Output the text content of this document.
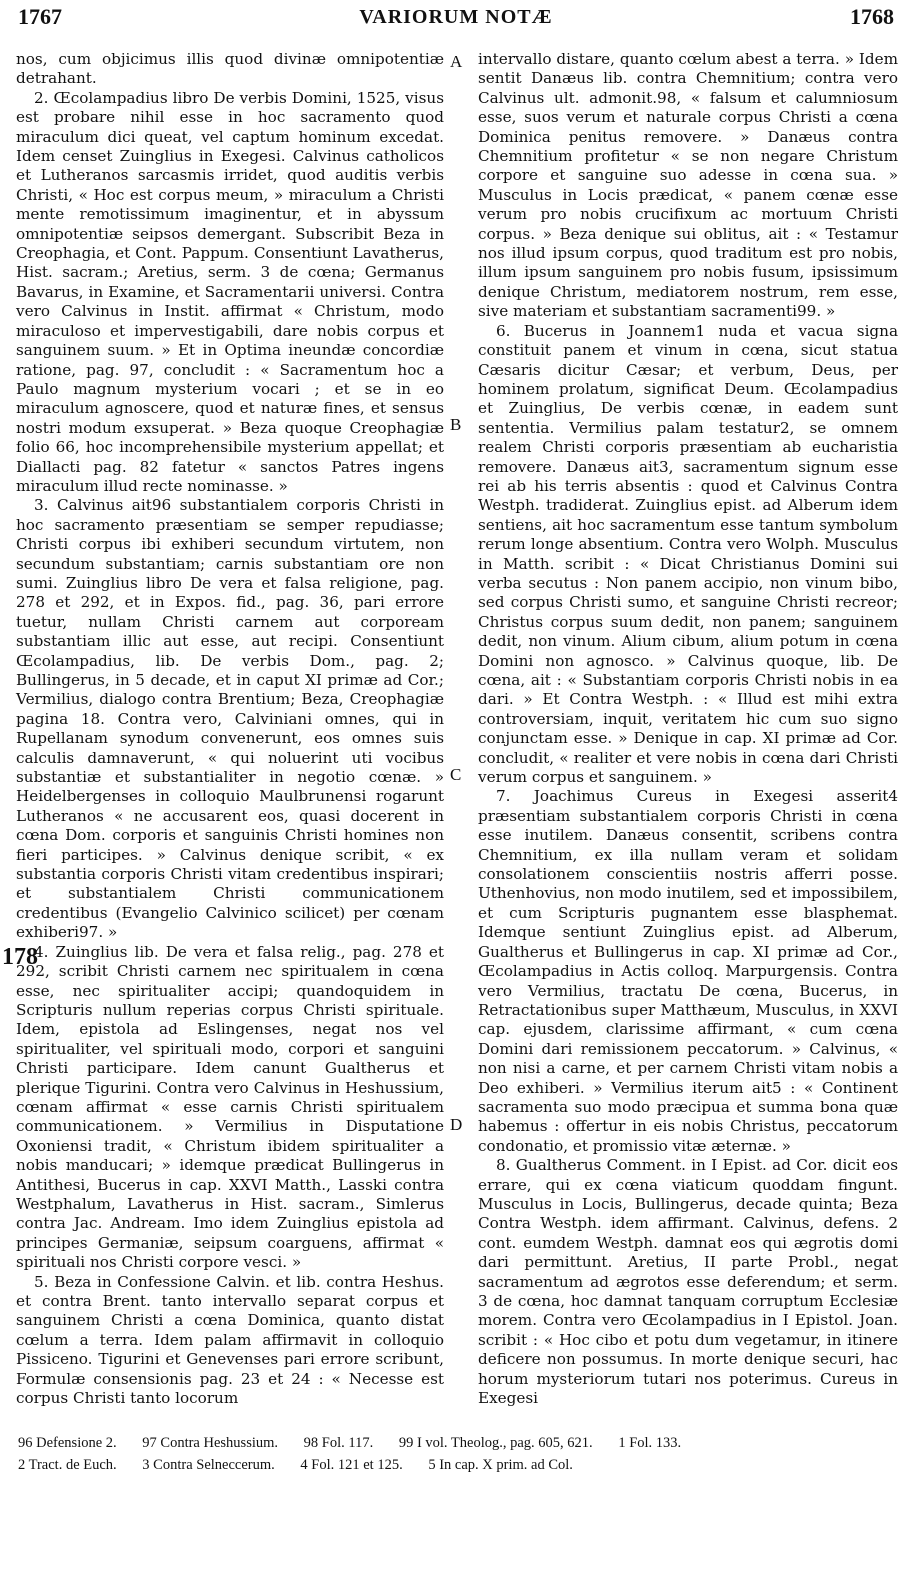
1767	VARIORUM NOTÆ	1768

nos, cum objicimus illis quod divinæ omnipotentiæ detrahant.

2. Œcolampadius libro De verbis Domini, 1525, visus est probare nihil esse in hoc sacramento quod miraculum dici queat, vel captum hominum excedat. Idem censet Zuinglius in Exegesi. Calvinus catholicos et Lutheranos sarcasmis irridet, quod auditis verbis Christi, « Hoc est corpus meum, » miraculum a Christi mente remotissimum imaginentur, et in abyssum omnipotentiæ seipsos demergant. Subscribit Beza in Creophagia, et Cont. Pappum. Consentiunt Lavatherus, Hist. sacram.; Aretius, serm. 3 de cœna; Germanus Bavarus, in Examine, et Sacramentarii universi. Contra vero Calvinus in Instit. affirmat « Christum, modo miraculoso et impervestigabili, dare nobis corpus et sanguinem suum. » Et in Optima ineundæ concordiæ ratione, pag. 97, concludit : « Sacramentum hoc a Paulo magnum mysterium vocari ; et se in eo miraculum agnoscere, quod et naturæ fines, et sensus nostri modum exsuperat. » Beza quoque Creophagiæ folio 66, hoc incomprehensibile mysterium appellat; et Diallacti pag. 82 fatetur « sanctos Patres ingens miraculum illud recte nominasse. »

3. Calvinus ait96 substantialem corporis Christi in hoc sacramento præsentiam se semper repudiasse; Christi corpus ibi exhiberi secundum virtutem, non secundum substantiam; carnis substantiam ore non sumi. Zuinglius libro De vera et falsa religione, pag. 278 et 292, et in Expos. fid., pag. 36, pari errore tuetur, nullam Christi carnem aut corpoream substantiam illic aut esse, aut recipi. Consentiunt Œcolampadius, lib. De verbis Dom., pag. 2; Bullingerus, in 5 decade, et in caput XI primæ ad Cor.; Vermilius, dialogo contra Brentium; Beza, Creophagiæ pagina 18. Contra vero, Calviniani omnes, qui in Rupellanam synodum convenerunt, eos omnes suis calculis damnaverunt, « qui noluerint uti vocibus substantiæ et substantialiter in negotio cœnæ. » Heidelbergenses in colloquio Maulbrunensi rogarunt Lutheranos « ne accusarent eos, quasi docerent in cœna Dom. corporis et sanguinis Christi homines non fieri participes. » Calvinus denique scribit, « ex substantia corporis Christi vitam credentibus inspirari; et substantialem Christi communicationem credentibus (Evangelio Calvinico scilicet) per cœnam exhiberi97. »

4. Zuinglius lib. De vera et falsa relig., pag. 278 et 292, scribit Christi carnem nec spiritualem in cœna esse, nec spiritualiter accipi; quandoquidem in Scripturis nullum reperias corpus Christi spirituale. Idem, epistola ad Eslingenses, negat nos vel spiritualiter, vel spirituali modo, corpori et sanguini Christi participare. Idem canunt Gualtherus et plerique Tigurini. Contra vero Calvinus in Heshussium, cœnam affirmat « esse carnis Christi spiritualem communicationem. » Vermilius in Disputatione Oxoniensi tradit, « Christum ibidem spiritualiter a nobis manducari; » idemque prædicat Bullingerus in Antithesi, Bucerus in cap. XXVI Matth., Lasski contra Westphalum, Lavatherus in Hist. sacram., Simlerus contra Jac. Andream. Imo idem Zuinglius epistola ad principes Germaniæ, seipsum coarguens, affirmat « spirituali nos Christi corpore vesci. »

5. Beza in Confessione Calvin. et lib. contra Heshus. et contra Brent. tanto intervallo separat corpus et sanguinem Christi a cœna Dominica, quanto distat cœlum a terra. Idem palam affirmavit in colloquio Pissiceno. Tigurini et Genevenses pari errore scribunt, Formulæ consensionis pag. 23 et 24 : « Necesse est corpus Christi tanto locorum

A
B
C
D
178

intervallo distare, quanto cœlum abest a terra. » Idem sentit Danæus lib. contra Chemnitium; contra vero Calvinus ult. admonit.98, « falsum et calumniosum esse, suos verum et naturale corpus Christi a cœna Dominica penitus removere. » Danæus contra Chemnitium profitetur « se non negare Christum corpore et sanguine suo adesse in cœna sua. » Musculus in Locis prædicat, « panem cœnæ esse verum pro nobis crucifixum ac mortuum Christi corpus. » Beza denique sui oblitus, ait : « Testamur nos illud ipsum corpus, quod traditum est pro nobis, illum ipsum sanguinem pro nobis fusum, ipsissimum denique Christum, mediatorem nostrum, rem esse, sive materiam et substantiam sacramenti99. »

6. Bucerus in Joannem1 nuda et vacua signa constituit panem et vinum in cœna, sicut statua Cæsaris dicitur Cæsar; et verbum, Deus, per hominem prolatum, significat Deum. Œcolampadius et Zuinglius, De verbis cœnæ, in eadem sunt sententia. Vermilius palam testatur2, se omnem realem Christi corporis præsentiam ab eucharistia removere. Danæus ait3, sacramentum signum esse rei ab his terris absentis : quod et Calvinus Contra Westph. tradiderat. Zuinglius epist. ad Alberum idem sentiens, ait hoc sacramentum esse tantum symbolum rerum longe absentium. Contra vero Wolph. Musculus in Matth. scribit : « Dicat Christianus Domini sui verba secutus : Non panem accipio, non vinum bibo, sed corpus Christi sumo, et sanguine Christi recreor; Christus corpus suum dedit, non panem; sanguinem dedit, non vinum. Alium cibum, alium potum in cœna Domini non agnosco. » Calvinus quoque, lib. De cœna, ait : « Substantiam corporis Christi nobis in ea dari. » Et Contra Westph. : « Illud est mihi extra controversiam, inquit, veritatem hic cum suo signo conjunctam esse. » Denique in cap. XI primæ ad Cor. concludit, « realiter et vere nobis in cœna dari Christi verum corpus et sanguinem. »

7. Joachimus Cureus in Exegesi asserit4 præsentiam substantialem corporis Christi in cœna esse inutilem. Danæus consentit, scribens contra Chemnitium, ex illa nullam veram et solidam consolationem conscientiis nostris afferri posse. Uthenhovius, non modo inutilem, sed et impossibilem, et cum Scripturis pugnantem esse blasphemat. Idemque sentiunt Zuinglius epist. ad Alberum, Gualtherus et Bullingerus in cap. XI primæ ad Cor., Œcolampadius in Actis colloq. Marpurgensis. Contra vero Vermilius, tractatu De cœna, Bucerus, in Retractationibus super Matthæum, Musculus, in XXVI cap. ejusdem, clarissime affirmant, « cum cœna Domini dari remissionem peccatorum. » Calvinus, « non nisi a carne, et per carnem Christi vitam nobis a Deo exhiberi. » Vermilius iterum ait5 : « Continent sacramenta suo modo præcipua et summa bona quæ habemus : offertur in eis nobis Christus, peccatorum condonatio, et promissio vitæ æternæ. »

8. Gualtherus Comment. in I Epist. ad Cor. dicit eos errare, qui ex cœna viaticum quoddam fingunt. Musculus in Locis, Bullingerus, decade quinta; Beza Contra Westph. idem affirmant. Calvinus, defens. 2 cont. eumdem Westph. damnat eos qui ægrotis domi dari permittunt. Aretius, II parte Probl., negat sacramentum ad ægrotos esse deferendum; et serm. 3 de cœna, hoc damnat tanquam corruptum Ecclesiæ morem. Contra vero Œcolampadius in I Epistol. Joan. scribit : « Hoc cibo et potu dum vegetamur, in itinere deficere non possumus. In morte denique securi, hac horum mysteriorum tutari nos poterimus. Cureus in Exegesi

96 Defensione 2. 97 Contra Heshussium. 98 Fol. 117. 99 I vol. Theolog., pag. 605, 621. 1 Fol. 133.
2 Tract. de Euch. 3 Contra Selneccerum. 4 Fol. 121 et 125. 5 In cap. X prim. ad Col.
